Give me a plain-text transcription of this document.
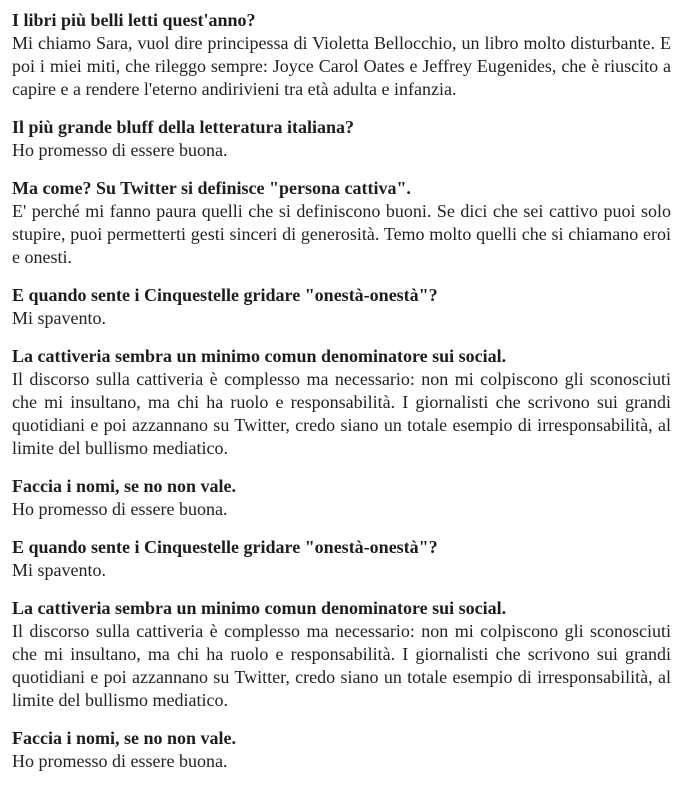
I libri più belli letti quest'anno?

Mi chiamo Sara, vuol dire principessa di Violetta Bellocchio, un libro molto disturbante. E poi i miei miti, che rileggo sempre: Joyce Carol Oates e Jeffrey Eugenides, che è riuscito a capire e a rendere l'eterno andirivieni tra età adulta e infanzia.

Il più grande bluff della letteratura italiana?

Ho promesso di essere buona.

Ma come? Su Twitter si definisce "persona cattiva".

E' perché mi fanno paura quelli che si definiscono buoni. Se dici che sei cattivo puoi solo stupire, puoi permetterti gesti sinceri di generosità. Temo molto quelli che si chiamano eroi e onesti.

E quando sente i Cinquestelle gridare "onestà-onestà"?

Mi spavento.

La cattiveria sembra un minimo comun denominatore sui social.

Il discorso sulla cattiveria è complesso ma necessario: non mi colpiscono gli sconosciuti che mi insultano, ma chi ha ruolo e responsabilità. I giornalisti che scrivono sui grandi quotidiani e poi azzannano su Twitter, credo siano un totale esempio di irresponsabilità, al limite del bullismo mediatico.

Faccia i nomi, se no non vale.

Ho promesso di essere buona.

E quando sente i Cinquestelle gridare "onestà-onestà"?

Mi spavento.

La cattiveria sembra un minimo comun denominatore sui social.

Il discorso sulla cattiveria è complesso ma necessario: non mi colpiscono gli sconosciuti che mi insultano, ma chi ha ruolo e responsabilità. I giornalisti che scrivono sui grandi quotidiani e poi azzannano su Twitter, credo siano un totale esempio di irresponsabilità, al limite del bullismo mediatico.

Faccia i nomi, se no non vale.

Ho promesso di essere buona.
